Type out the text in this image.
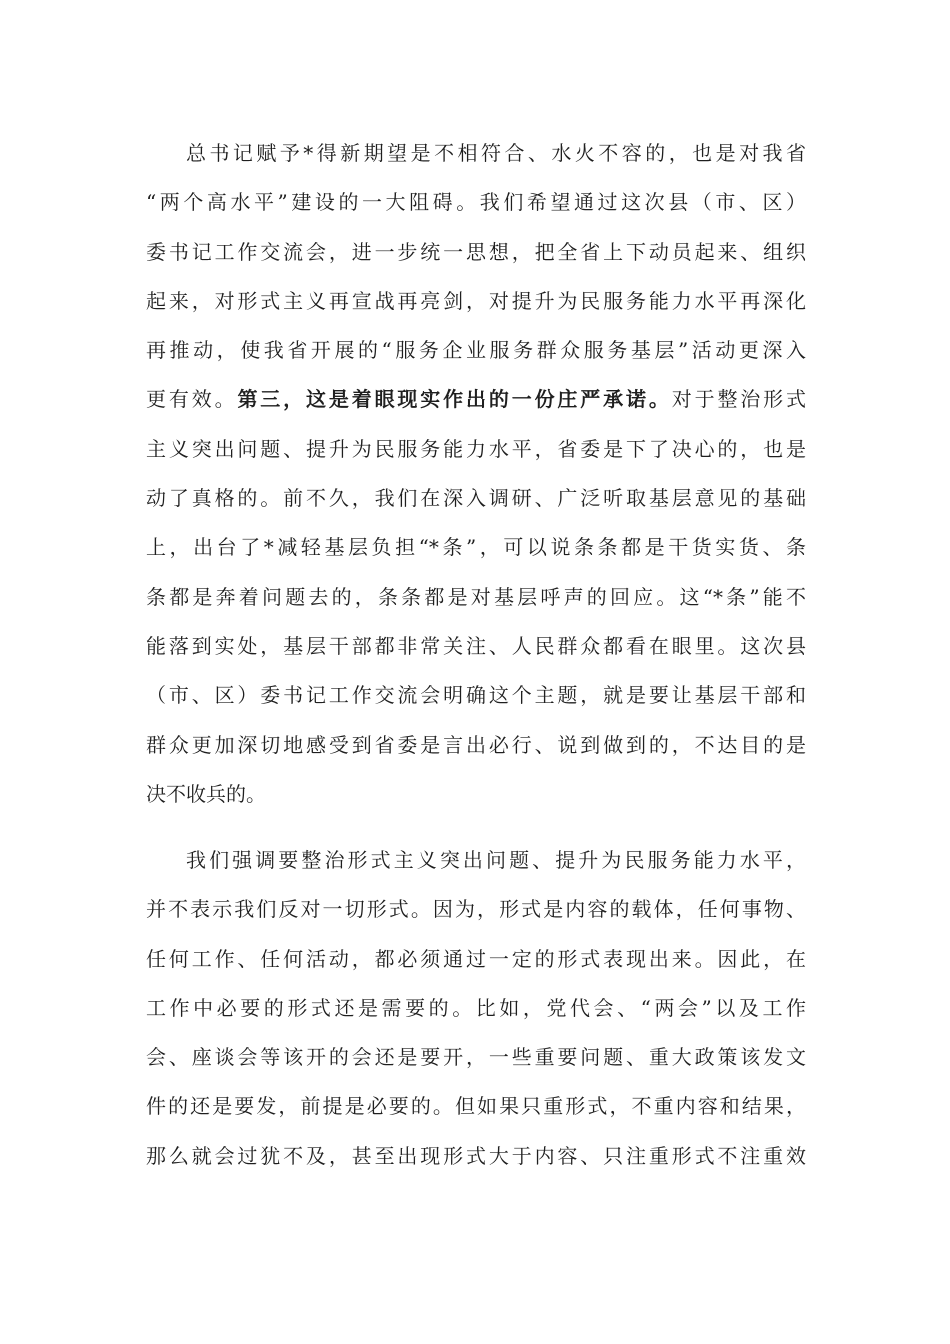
总书记赋予*得新期望是不相符合、水火不容的，也是对我省
“两个高水平”建设的一大阻碍。我们希望通过这次县（市、区）
委书记工作交流会，进一步统一思想，把全省上下动员起来、组织
起来，对形式主义再宣战再亮剑，对提升为民服务能力水平再深化
再推动，使我省开展的“服务企业服务群众服务基层”活动更深入
更有效。第三，这是着眼现实作出的一份庄严承诺。对于整治形式
主义突出问题、提升为民服务能力水平，省委是下了决心的，也是
动了真格的。前不久，我们在深入调研、广泛听取基层意见的基础
上，出台了*减轻基层负担“*条”，可以说条条都是干货实货、条
条都是奔着问题去的，条条都是对基层呼声的回应。这“*条”能不
能落到实处，基层干部都非常关注、人民群众都看在眼里。这次县
（市、区）委书记工作交流会明确这个主题，就是要让基层干部和
群众更加深切地感受到省委是言出必行、说到做到的，不达目的是
决不收兵的。
我们强调要整治形式主义突出问题、提升为民服务能力水平，
并不表示我们反对一切形式。因为，形式是内容的载体，任何事物、
任何工作、任何活动，都必须通过一定的形式表现出来。因此，在
工作中必要的形式还是需要的。比如，党代会、“两会”以及工作
会、座谈会等该开的会还是要开，一些重要问题、重大政策该发文
件的还是要发，前提是必要的。但如果只重形式，不重内容和结果，
那么就会过犹不及，甚至出现形式大于内容、只注重形式不注重效
